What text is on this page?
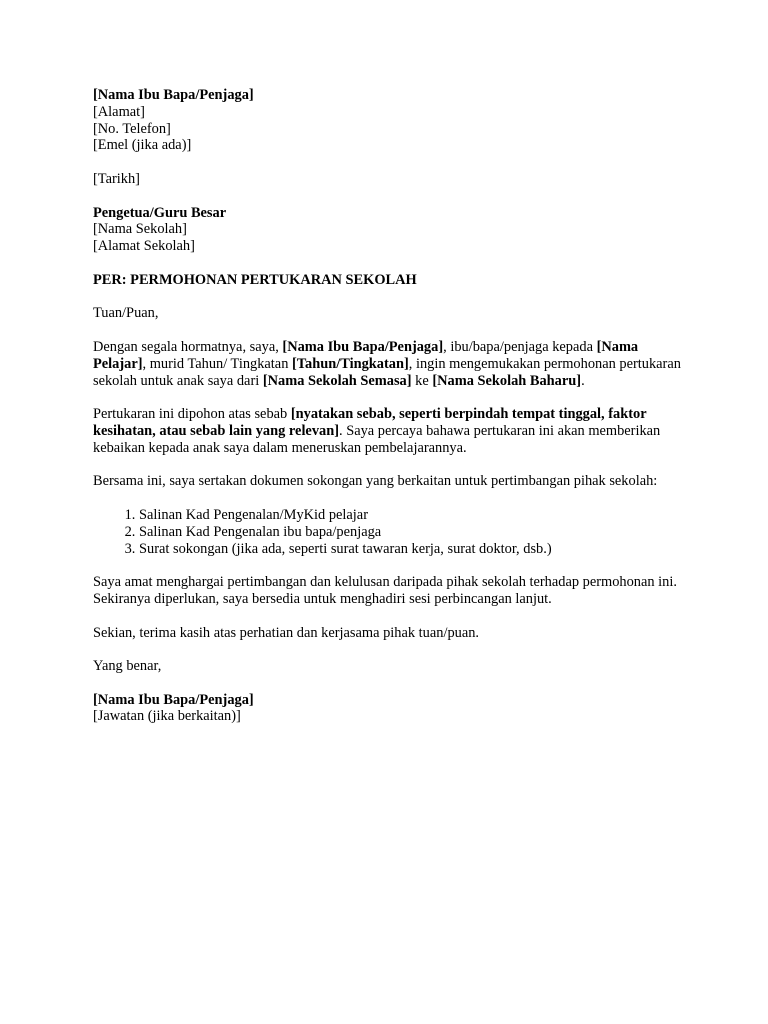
[Nama Ibu Bapa/Penjaga]
[Alamat]
[No. Telefon]
[Emel (jika ada)]
[Tarikh]
Pengetua/Guru Besar
[Nama Sekolah]
[Alamat Sekolah]
PER: PERMOHONAN PERTUKARAN SEKOLAH

Tuan/Puan,

Dengan segala hormatnya, saya, [Nama Ibu Bapa/Penjaga], ibu/bapa/penjaga kepada [Nama Pelajar], murid Tahun/ Tingkatan [Tahun/Tingkatan], ingin mengemukakan permohonan pertukaran sekolah untuk anak saya dari [Nama Sekolah Semasa] ke [Nama Sekolah Baharu].

Pertukaran ini dipohon atas sebab [nyatakan sebab, seperti berpindah tempat tinggal, faktor kesihatan, atau sebab lain yang relevan]. Saya percaya bahawa pertukaran ini akan memberikan kebaikan kepada anak saya dalam meneruskan pembelajarannya.

Bersama ini, saya sertakan dokumen sokongan yang berkaitan untuk pertimbangan pihak sekolah:

1. Salinan Kad Pengenalan/MyKid pelajar
2. Salinan Kad Pengenalan ibu bapa/penjaga
3. Surat sokongan (jika ada, seperti surat tawaran kerja, surat doktor, dsb.)

Saya amat menghargai pertimbangan dan kelulusan daripada pihak sekolah terhadap permohonan ini. Sekiranya diperlukan, saya bersedia untuk menghadiri sesi perbincangan lanjut.

Sekian, terima kasih atas perhatian dan kerjasama pihak tuan/puan.

Yang benar,

[Nama Ibu Bapa/Penjaga]
[Jawatan (jika berkaitan)]
